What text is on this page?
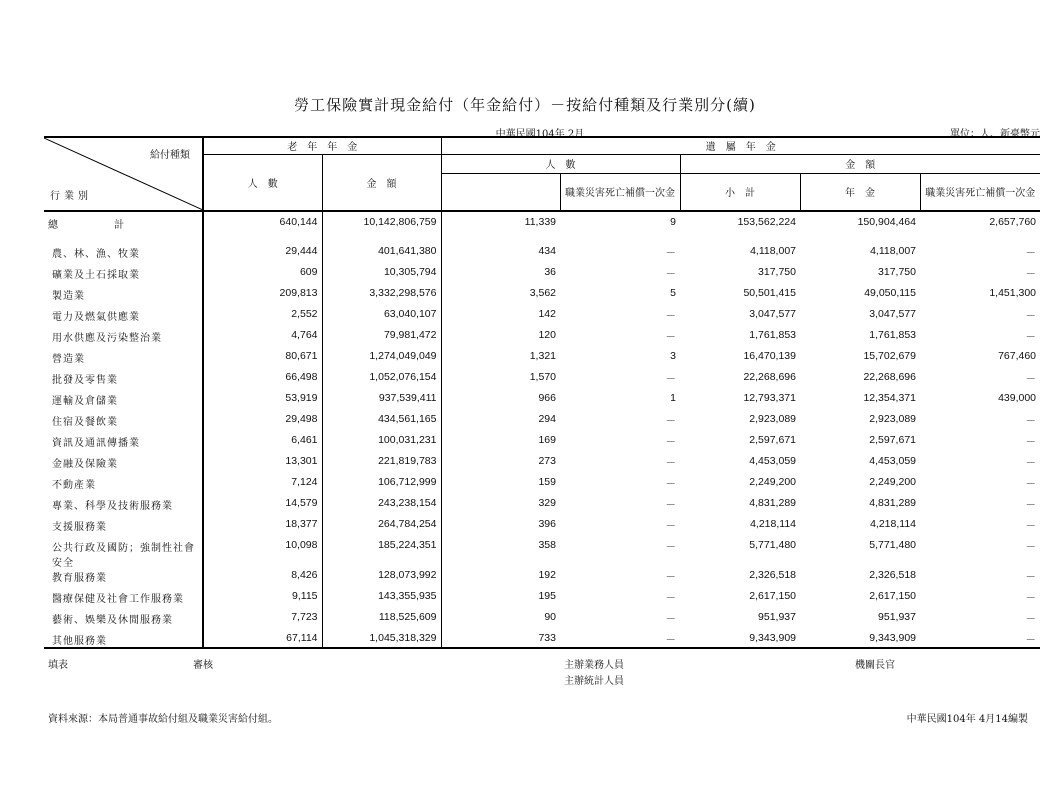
勞工保險實計現金給付（年金給付）－按給付種類及行業別分(續)
中華民國104年 2月	單位：人、新臺幣元
給付種類
行業別	老　年　年　金		遺　屬　年　金				
	人　數	金　額	人　數		金　額		
				職業災害死亡補償一次金	小　計	年　金	職業災害死亡補償一次金
總計	640,144	10,142,806,759	11,339	9	153,562,224	150,904,464	2,657,760

農、林、漁、牧業	29,444	401,641,380	434	－	4,118,007	4,118,007	－
礦業及土石採取業	609	10,305,794	36	－	317,750	317,750	－
製造業	209,813	3,332,298,576	3,562	5	50,501,415	49,050,115	1,451,300
電力及燃氣供應業	2,552	63,040,107	142	－	3,047,577	3,047,577	－
用水供應及污染整治業	4,764	79,981,472	120	－	1,761,853	1,761,853	－
營造業	80,671	1,274,049,049	1,321	3	16,470,139	15,702,679	767,460
批發及零售業	66,498	1,052,076,154	1,570	－	22,268,696	22,268,696	－
運輸及倉儲業	53,919	937,539,411	966	1	12,793,371	12,354,371	439,000
住宿及餐飲業	29,498	434,561,165	294	－	2,923,089	2,923,089	－
資訊及通訊傳播業	6,461	100,031,231	169	－	2,597,671	2,597,671	－
金融及保險業	13,301	221,819,783	273	－	4,453,059	4,453,059	－
不動產業	7,124	106,712,999	159	－	2,249,200	2,249,200	－
專業、科學及技術服務業	14,579	243,238,154	329	－	4,831,289	4,831,289	－
支援服務業	18,377	264,784,254	396	－	4,218,114	4,218,114	－
公共行政及國防；強制性社會安全	10,098	185,224,351	358	－	5,771,480	5,771,480	－
教育服務業	8,426	128,073,992	192	－	2,326,518	2,326,518	－
醫療保健及社會工作服務業	9,115	143,355,935	195	－	2,617,150	2,617,150	－
藝術、娛樂及休閒服務業	7,723	118,525,609	90	－	951,937	951,937	－
其他服務業	67,114	1,045,318,329	733	－	9,343,909	9,343,909	－
填表	審核	主辦業務人員
主辦統計人員
機關長官
資料來源：本局普通事故給付組及職業災害給付組。	中華民國104年 4月14編製
